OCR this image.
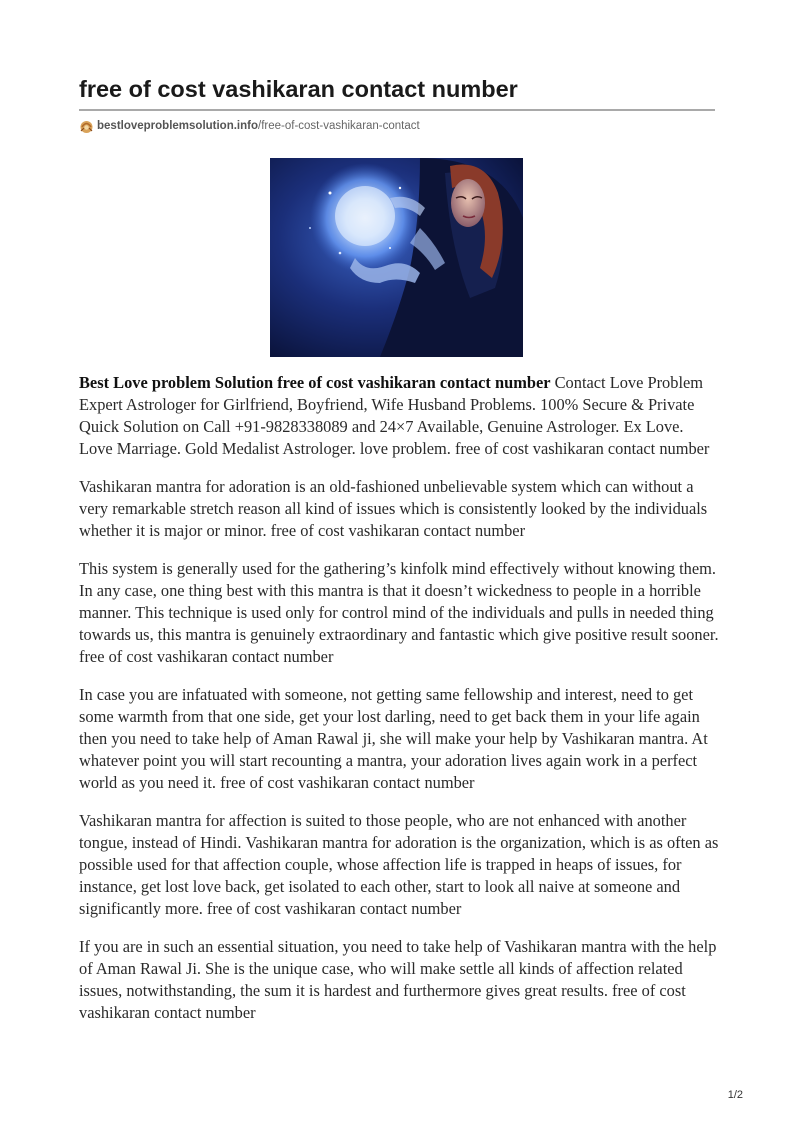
free of cost vashikaran contact number
bestloveproblemsolution.info/free-of-cost-vashikaran-contact

Best Love problem Solution free of cost vashikaran contact number Contact Love Problem Expert Astrologer for Girlfriend, Boyfriend, Wife Husband Problems. 100% Secure & Private Quick Solution on Call +91-9828338089 and 24×7 Available, Genuine Astrologer. Ex Love. Love Marriage. Gold Medalist Astrologer. love problem. free of cost vashikaran contact number

Vashikaran mantra for adoration is an old-fashioned unbelievable system which can without a very remarkable stretch reason all kind of issues which is consistently looked by the individuals whether it is major or minor. free of cost vashikaran contact number

This system is generally used for the gathering’s kinfolk mind effectively without knowing them. In any case, one thing best with this mantra is that it doesn’t wickedness to people in a horrible manner. This technique is used only for control mind of the individuals and pulls in needed thing towards us, this mantra is genuinely extraordinary and fantastic which give positive result sooner. free of cost vashikaran contact number

In case you are infatuated with someone, not getting same fellowship and interest, need to get some warmth from that one side, get your lost darling, need to get back them in your life again then you need to take help of Aman Rawal ji, she will make your help by Vashikaran mantra. At whatever point you will start recounting a mantra, your adoration lives again work in a perfect world as you need it. free of cost vashikaran contact number

Vashikaran mantra for affection is suited to those people, who are not enhanced with another tongue, instead of Hindi. Vashikaran mantra for adoration is the organization, which is as often as possible used for that affection couple, whose affection life is trapped in heaps of issues, for instance, get lost love back, get isolated to each other, start to look all naive at someone and significantly more. free of cost vashikaran contact number

If you are in such an essential situation, you need to take help of Vashikaran mantra with the help of Aman Rawal Ji. She is the unique case, who will make settle all kinds of affection related issues, notwithstanding, the sum it is hardest and furthermore gives great results. free of cost vashikaran contact number

1/2
